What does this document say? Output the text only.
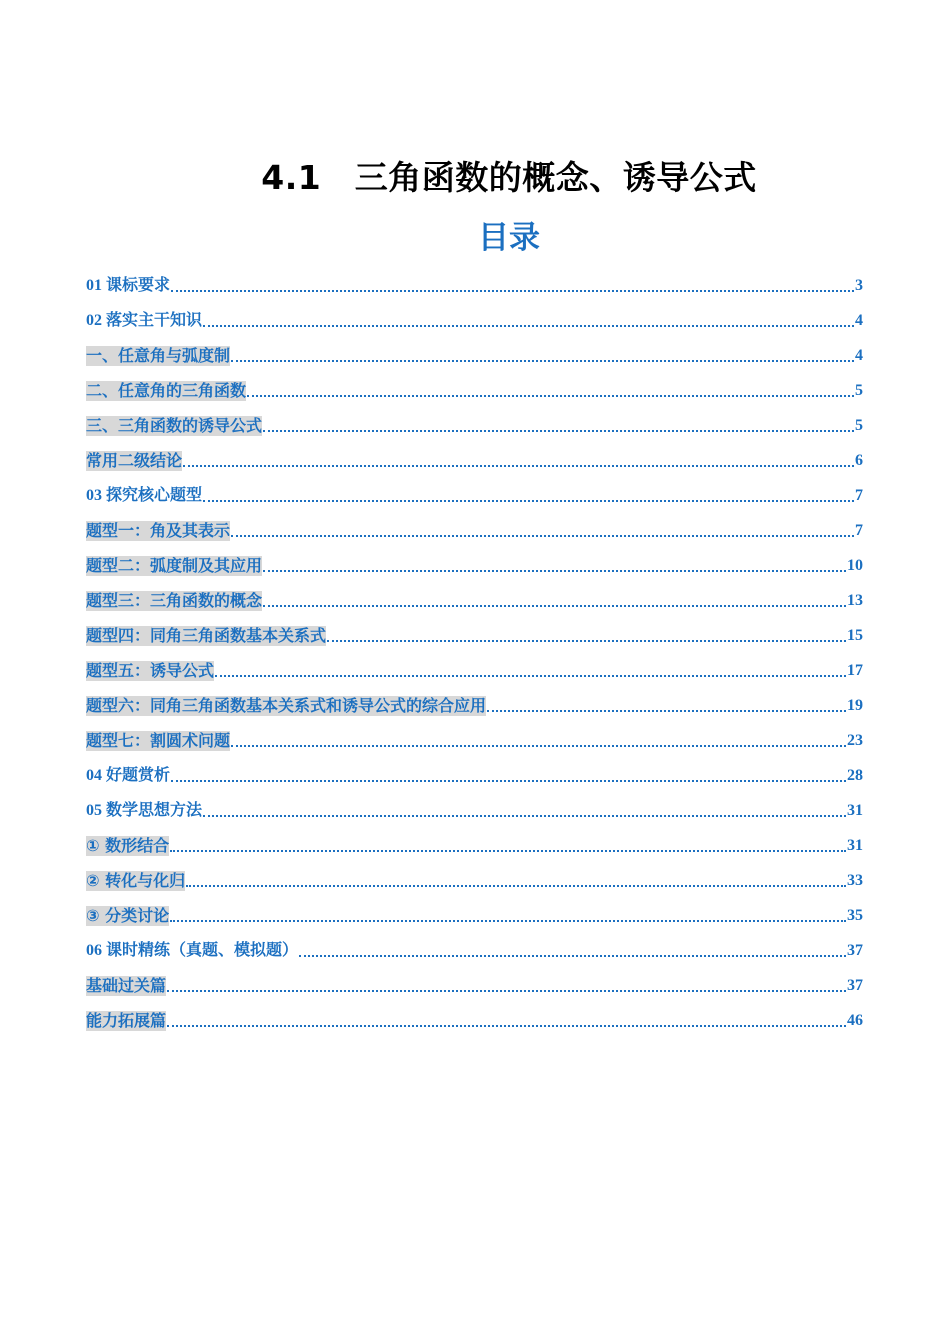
4.1　三角函数的概念、诱导公式
目录
01 课标要求	3
02 落实主干知识	4
一、任意角与弧度制	4
二、任意角的三角函数	5
三、三角函数的诱导公式	5
常用二级结论	6
03 探究核心题型	7
题型一：角及其表示	7
题型二：弧度制及其应用	10
题型三：三角函数的概念	13
题型四：同角三角函数基本关系式	15
题型五：诱导公式	17
题型六：同角三角函数基本关系式和诱导公式的综合应用	19
题型七：割圆术问题	23
04 好题赏析	28
05 数学思想方法	31
① 数形结合	31
② 转化与化归	33
③ 分类讨论	35
06 课时精练（真题、模拟题）	37
基础过关篇	37
能力拓展篇	46
